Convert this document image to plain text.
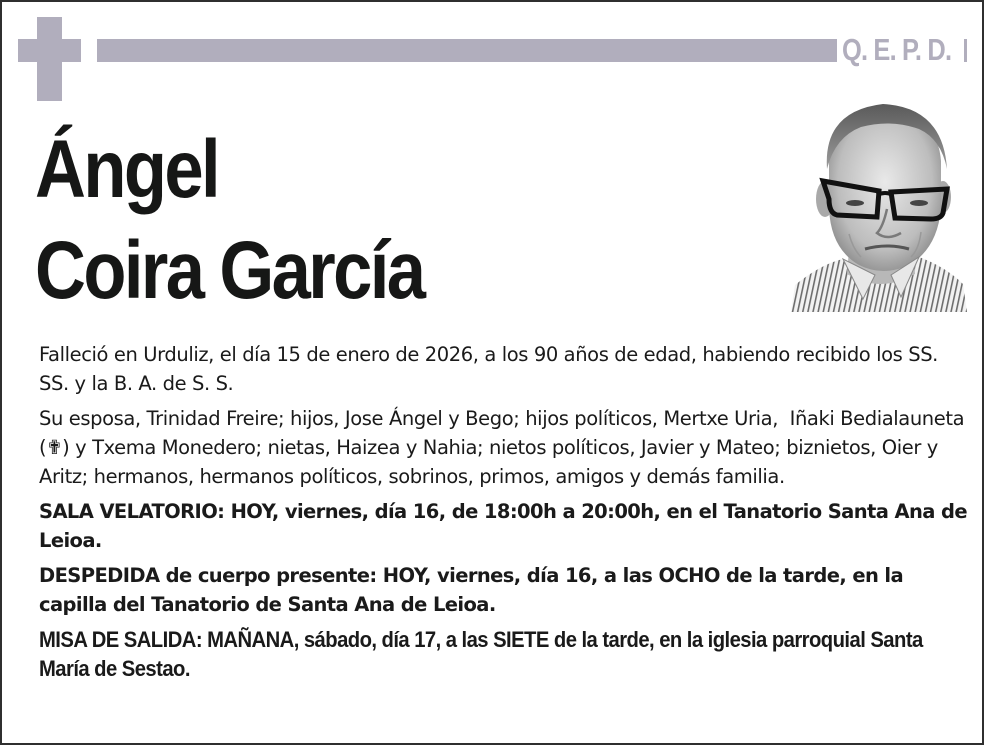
Q. E. P. D.
Ángel
Coira García

Falleció en Urduliz, el día 15 de enero de 2026, a los 90 años de edad, habiendo recibido los SS. SS. y la B. A. de S. S.

Su esposa, Trinidad Freire; hijos, Jose Ángel y Bego; hijos políticos, Mertxe Uria,  Iñaki Bedialauneta (✟) y Txema Monedero; nietas, Haizea y Nahia; nietos políticos, Javier y Mateo; biznietos, Oier y Aritz; hermanos, hermanos políticos, sobrinos, primos, amigos y demás familia.

SALA VELATORIO: HOY, viernes, día 16, de 18:00h a 20:00h, en el Tanatorio Santa Ana de Leioa.

DESPEDIDA de cuerpo presente: HOY, viernes, día 16, a las OCHO de la tarde, en la capilla del Tanatorio de Santa Ana de Leioa.

MISA DE SALIDA: MAÑANA, sábado, día 17, a las SIETE de la tarde, en la iglesia parroquial Santa María de Sestao.
